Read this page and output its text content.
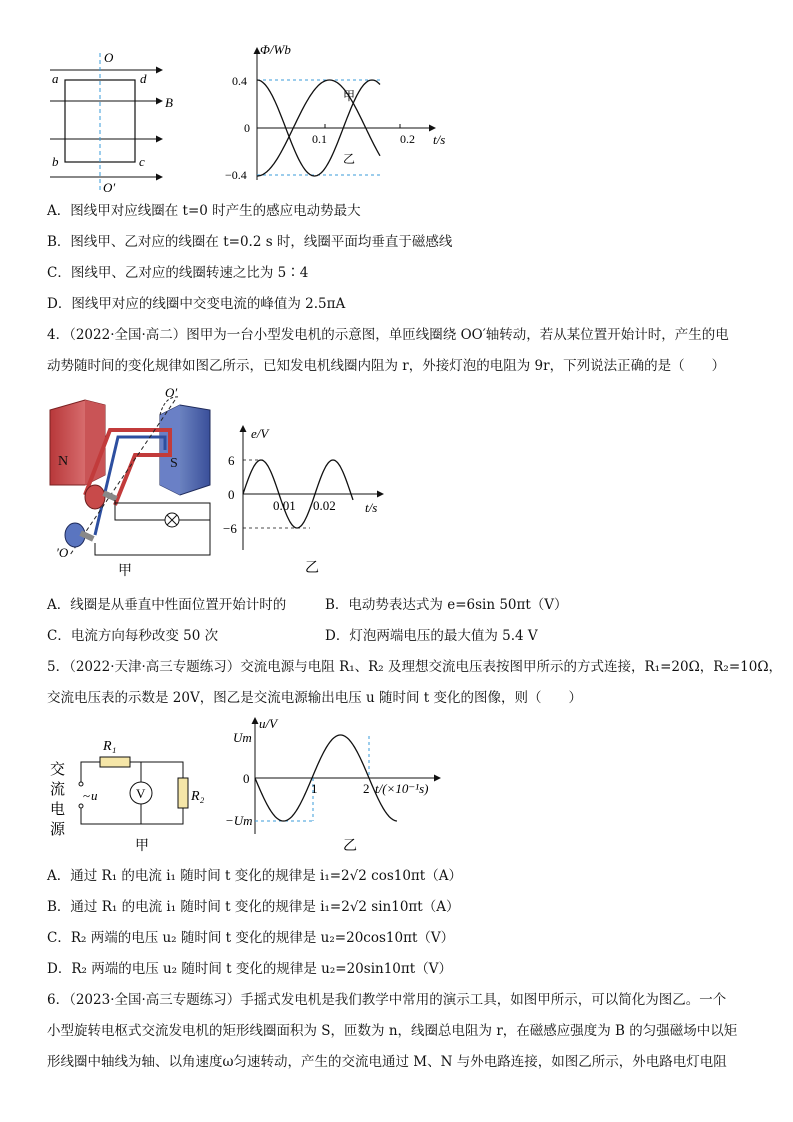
O
O′
a	d
b	c
B
Φ/Wb
0.4
0
−0.4
0.1	0.2 t/s
甲
乙
A．图线甲对应线圈在 t=0 时产生的感应电动势最大
B．图线甲、乙对应的线圈在 t=0.2 s 时，线圈平面均垂直于磁感线
C．图线甲、乙对应的线圈转速之比为 5∶4
D．图线甲对应的线圈中交变电流的峰值为 2.5πA
4．（2022·全国·高二）图甲为一台小型发电机的示意图，单匝线圈绕 OO′轴转动，若从某位置开始计时，产生的电
动势随时间的变化规律如图乙所示，已知发电机线圈内阻为 r，外接灯泡的电阻为 9r，下列说法正确的是（　　）
N	S
O′
′O
甲
e/V
6
0
−6
0.01 0.02 t/s
乙
A．线圈是从垂直中性面位置开始计时的	B．电动势表达式为 e=6sin 50πt（V）
C．电流方向每秒改变 50 次	D．灯泡两端电压的最大值为 5.4 V
5．（2022·天津·高三专题练习）交流电源与电阻 R₁、R₂ 及理想交流电压表按图甲所示的方式连接，R₁=20Ω，R₂=10Ω，
交流电压表的示数是 20V，图乙是交流电源输出电压 u 随时间 t 变化的图像，则（　　）
交
流
电
源
~ u
R₁
V	R₂
甲
u/V
Um
0
−Um
1	2 t/(×10⁻¹s)
乙
A．通过 R₁ 的电流 i₁ 随时间 t 变化的规律是 i₁=2√2 cos10πt（A）
B．通过 R₁ 的电流 i₁ 随时间 t 变化的规律是 i₁=2√2 sin10πt（A）
C．R₂ 两端的电压 u₂ 随时间 t 变化的规律是 u₂=20cos10πt（V）
D．R₂ 两端的电压 u₂ 随时间 t 变化的规律是 u₂=20sin10πt（V）
6．（2023·全国·高三专题练习）手摇式发电机是我们教学中常用的演示工具，如图甲所示，可以简化为图乙。一个
小型旋转电枢式交流发电机的矩形线圈面积为 S，匝数为 n，线圈总电阻为 r，在磁感应强度为 B 的匀强磁场中以矩
形线圈中轴线为轴、以角速度ω匀速转动，产生的交流电通过 M、N 与外电路连接，如图乙所示，外电路电灯电阻
